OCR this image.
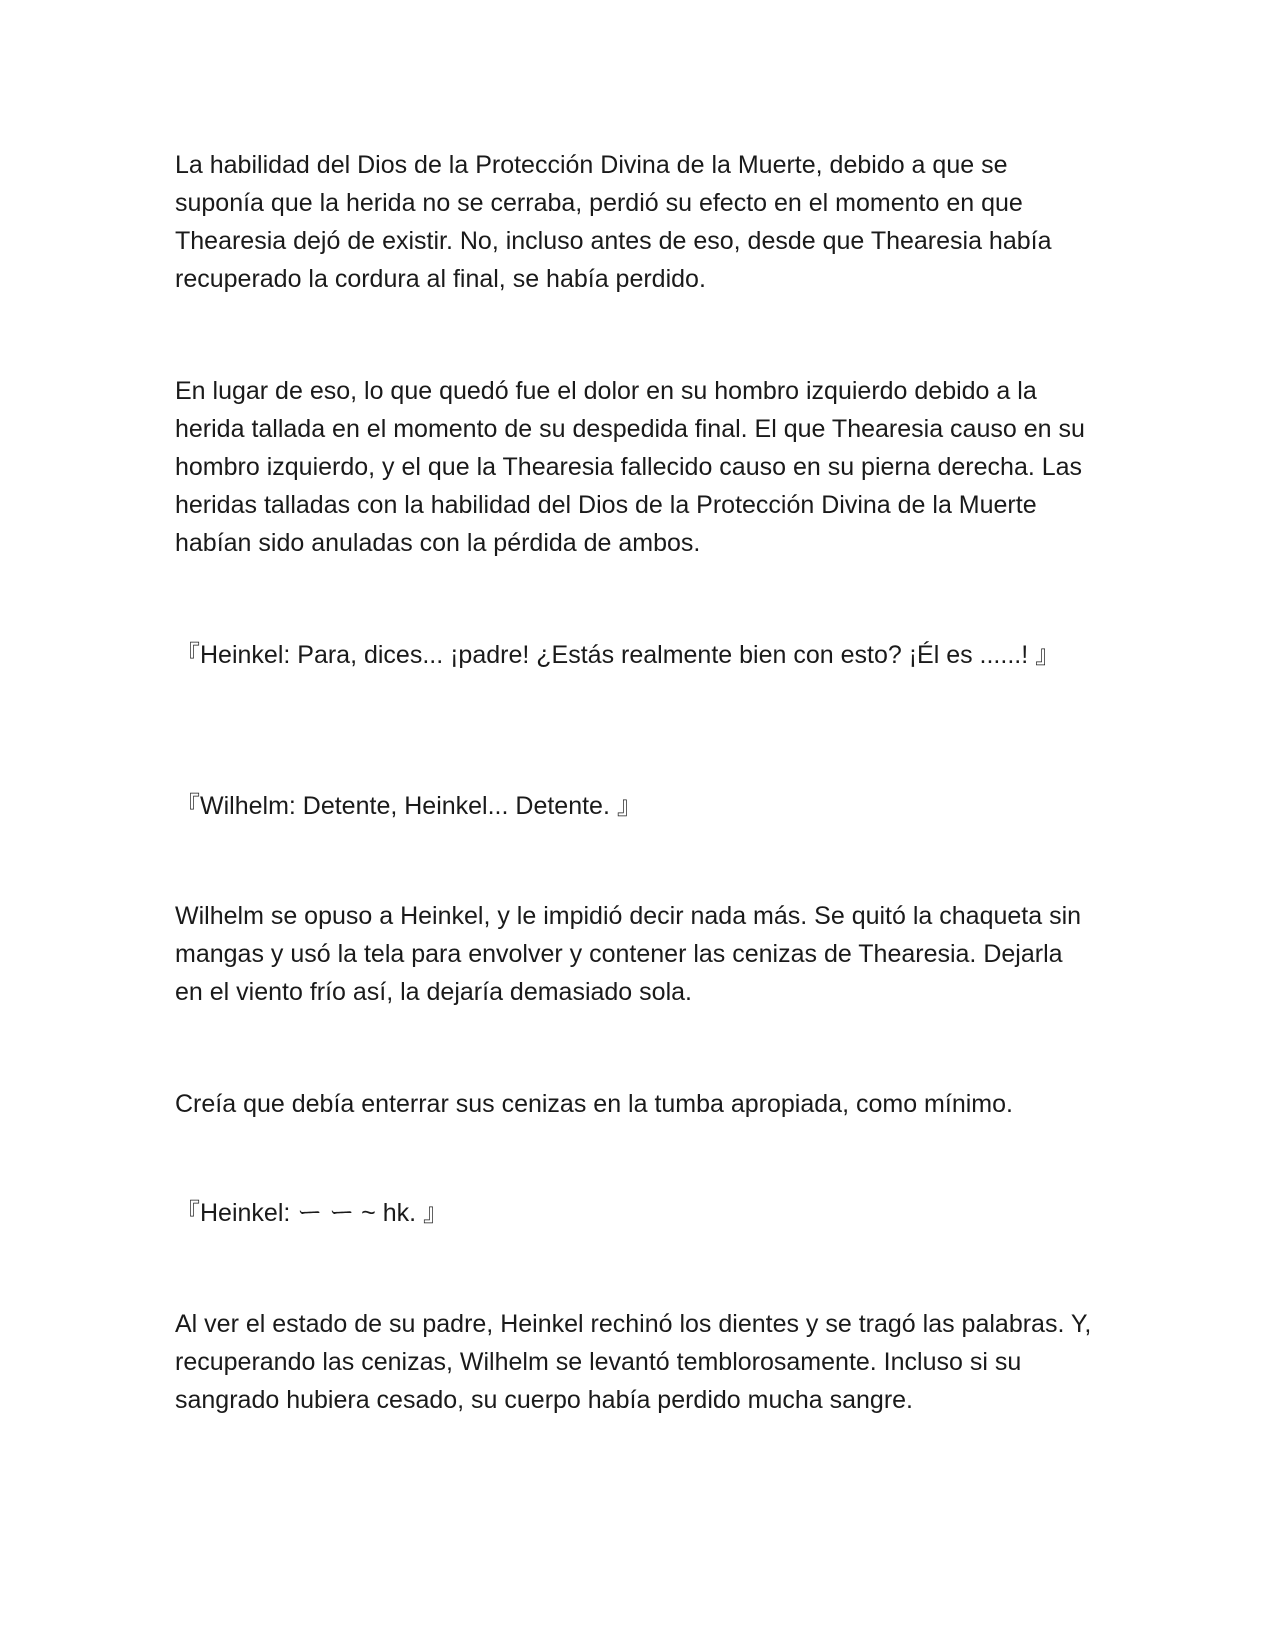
La habilidad del Dios de la Protección Divina de la Muerte, debido a que se suponía que la herida no se cerraba, perdió su efecto en el momento en que Thearesia dejó de existir. No, incluso antes de eso, desde que Thearesia había recuperado la cordura al final, se había perdido.

En lugar de eso, lo que quedó fue el dolor en su hombro izquierdo debido a la herida tallada en el momento de su despedida final. El que Thearesia causo en su hombro izquierdo, y el que la Thearesia fallecido causo en su pierna derecha. Las heridas talladas con la habilidad del Dios de la Protección Divina de la Muerte habían sido anuladas con la pérdida de ambos.

『Heinkel: Para, dices... ¡padre! ¿Estás realmente bien con esto? ¡Él es ......! 』

『Wilhelm: Detente, Heinkel... Detente. 』

Wilhelm se opuso a Heinkel, y le impidió decir nada más. Se quitó la chaqueta sin mangas y usó la tela para envolver y contener las cenizas de Thearesia. Dejarla en el viento frío así, la dejaría demasiado sola.

Creía que debía enterrar sus cenizas en la tumba apropiada, como mínimo.

『Heinkel: ー ー ~ hk. 』

Al ver el estado de su padre, Heinkel rechinó los dientes y se tragó las palabras. Y, recuperando las cenizas, Wilhelm se levantó temblorosamente. Incluso si su sangrado hubiera cesado, su cuerpo había perdido mucha sangre.
